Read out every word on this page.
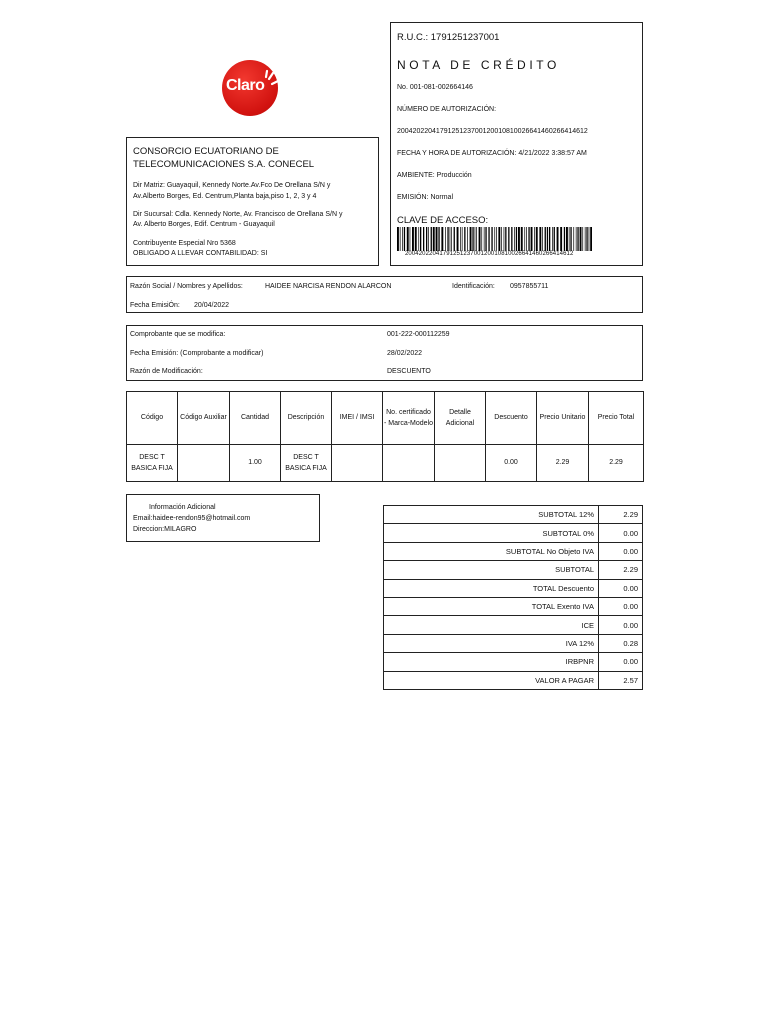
Claro
CONSORCIO ECUATORIANO DE TELECOMUNICACIONES S.A. CONECEL
Dir Matriz: Guayaquil, Kennedy Norte.Av.Fco De Orellana S/N y
Av.Alberto Borges, Ed. Centrum,Planta baja,piso 1, 2, 3 y 4
Dir Sucursal: Cdla. Kennedy Norte, Av. Francisco de Orellana S/N y
Av. Alberto Borges, Edif. Centrum - Guayaquil
Contribuyente Especial Nro 5368
OBLIGADO A LLEVAR CONTABILIDAD: SI
R.U.C.: 1791251237001
NOTA DE CRÉDITO
No. 001-081-002664146
NÚMERO DE AUTORIZACIÓN:
2004202204179125123700120010810026641460266414612
FECHA Y HORA DE AUTORIZACIÓN: 4/21/2022 3:38:57 AM
AMBIENTE: Producción
EMISIÓN: Normal
CLAVE DE ACCESO:
2004202204179125123700120010810026641460266414612
Razón Social / Nombres y Apellidos:	HAIDEE NARCISA RENDON ALARCON	Identificación: 0957855711
Fecha EmisiÓn: 20/04/2022
Comprobante que se modifica:	001-222-000112259
Fecha Emisión: (Comprobante a modificar)	28/02/2022
Razón de Modificación:	DESCUENTO
Código	Código Auxiliar	Cantidad	Descripción	IMEI / IMSI	No. certificado - Marca-Modelo	Detalle Adicional	Descuento	Precio Unitario	Precio Total
DESC T BASICA FIJA		1.00	DESC T BASICA FIJA				0.00	2.29	2.29
Información Adicional
Email:haidee-rendon95@hotmail.com
Direccion:MILAGRO
SUBTOTAL 12%	2.29
SUBTOTAL 0%	0.00
SUBTOTAL No Objeto IVA	0.00
SUBTOTAL	2.29
TOTAL Descuento	0.00
TOTAL Exento IVA	0.00
ICE	0.00
IVA 12%	0.28
IRBPNR	0.00
VALOR A PAGAR	2.57
